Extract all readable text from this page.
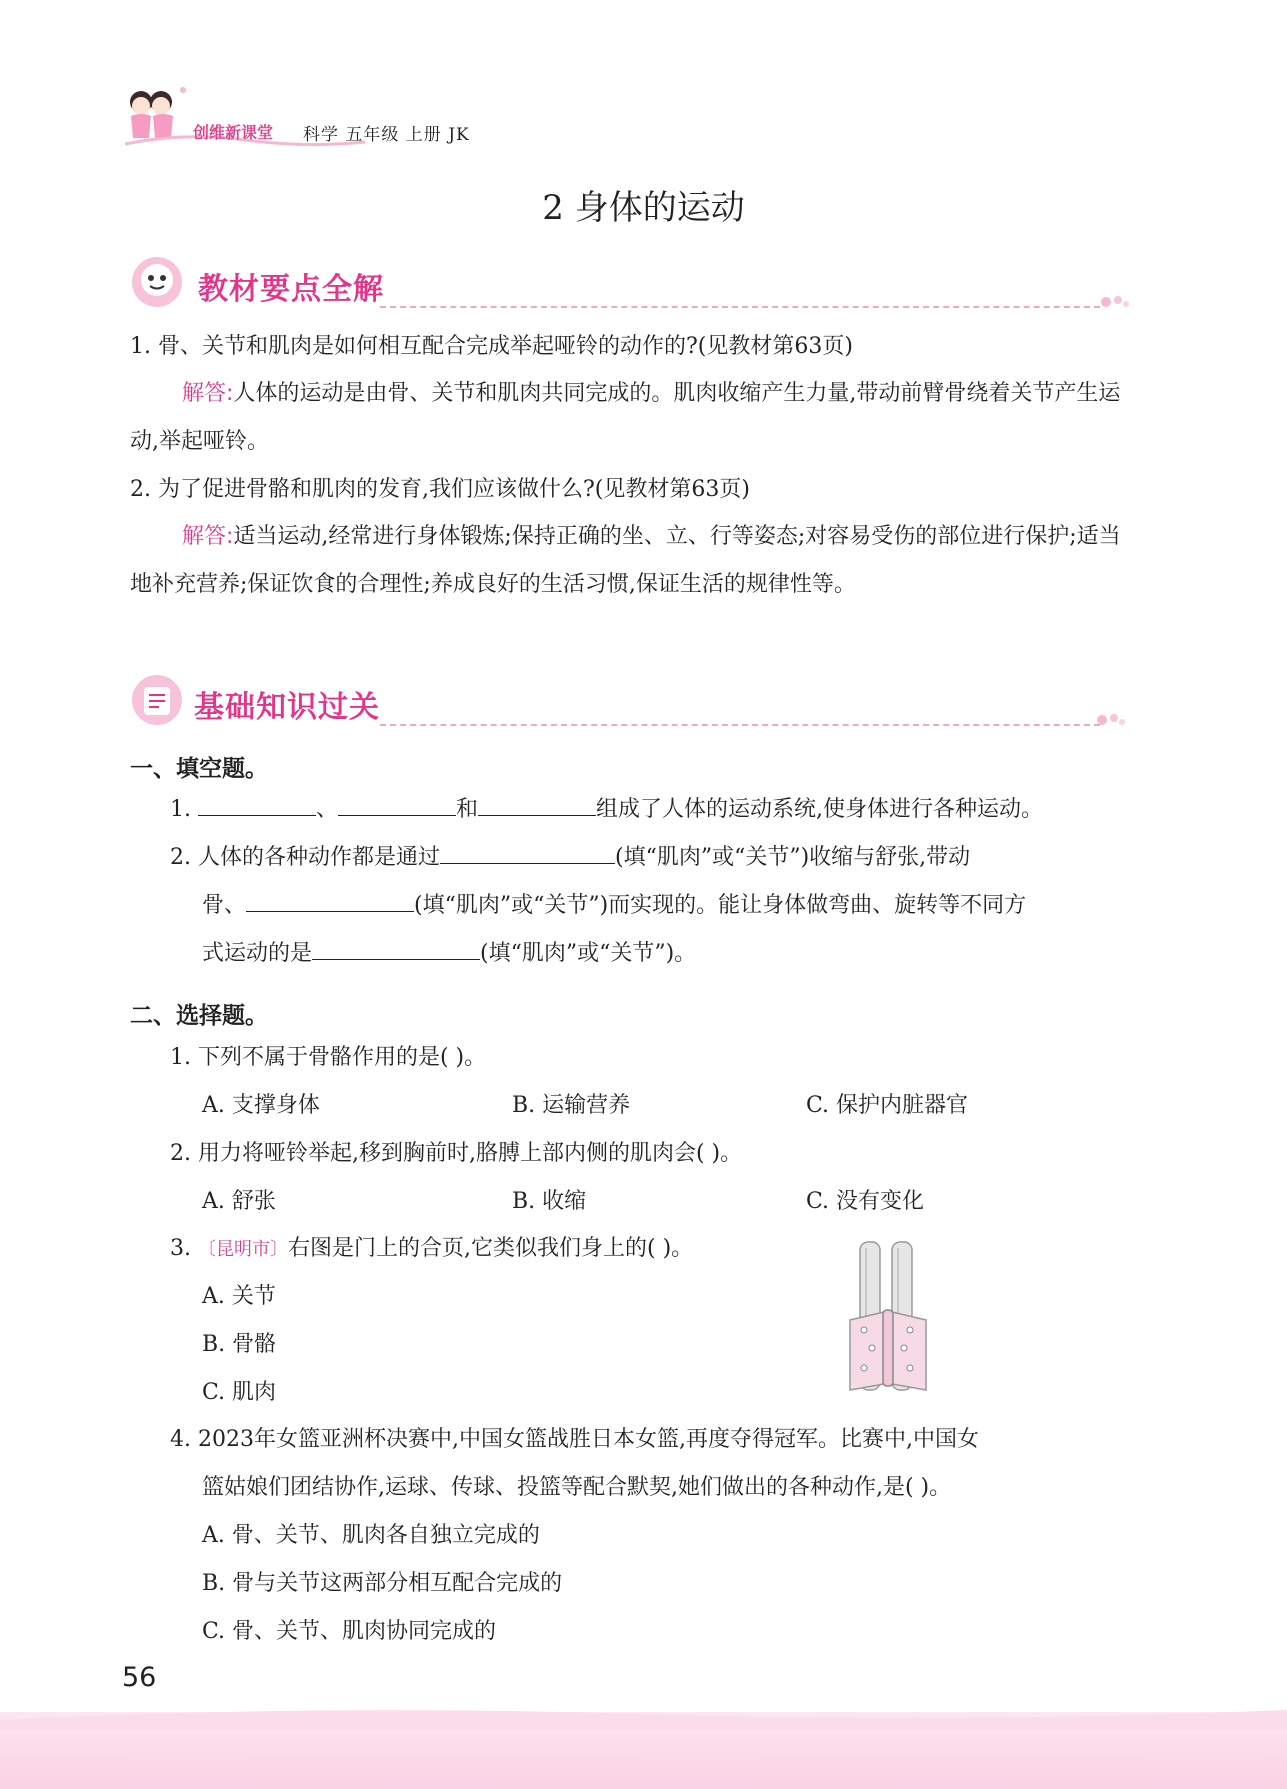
创维新课堂 科学 五年级 上册 JK
2 身体的运动
教材要点全解
1. 骨、关节和肌肉是如何相互配合完成举起哑铃的动作的?(见教材第63页)
解答:人体的运动是由骨、关节和肌肉共同完成的。肌肉收缩产生力量,带动前臂骨绕着关节产生运动,举起哑铃。
2. 为了促进骨骼和肌肉的发育,我们应该做什么?(见教材第63页)
解答:适当运动,经常进行身体锻炼;保持正确的坐、立、行等姿态;对容易受伤的部位进行保护;适当地补充营养;保证饮食的合理性;养成良好的生活习惯,保证生活的规律性等。
基础知识过关
一、填空题。
1.	、	和	组成了人体的运动系统,使身体进行各种运动。
2. 人体的各种动作都是通过	(填“肌肉”或“关节”)收缩与舒张,带动
骨、	(填“肌肉”或“关节”)而实现的。能让身体做弯曲、旋转等不同方
式运动的是	(填“肌肉”或“关节”)。
二、选择题。
1. 下列不属于骨骼作用的是( )。
A. 支撑身体	B. 运输营养	C. 保护内脏器官
2. 用力将哑铃举起,移到胸前时,胳膊上部内侧的肌肉会( )。
A. 舒张	B. 收缩	C. 没有变化
3. 〔昆明市〕右图是门上的合页,它类似我们身上的( )。
A. 关节
B. 骨骼
C. 肌肉
4. 2023年女篮亚洲杯决赛中,中国女篮战胜日本女篮,再度夺得冠军。比赛中,中国女
篮姑娘们团结协作,运球、传球、投篮等配合默契,她们做出的各种动作,是( )。
A. 骨、关节、肌肉各自独立完成的
B. 骨与关节这两部分相互配合完成的
C. 骨、关节、肌肉协同完成的
56
